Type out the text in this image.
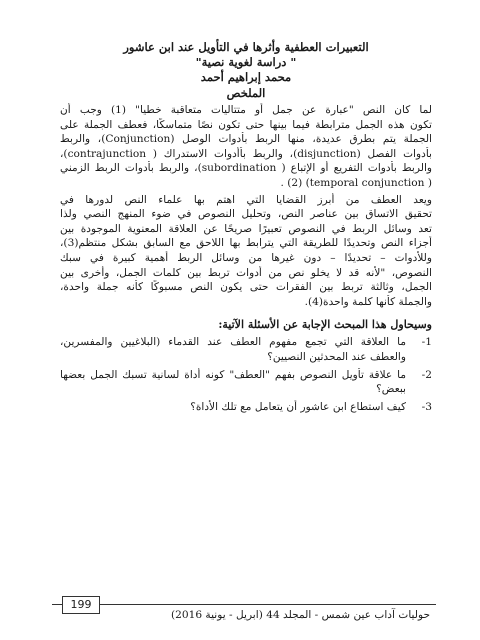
التعبيرات العطفية وأثرها في التأويل عند ابن عاشور
" دراسة لغوية نصية"
محمد إبراهيم أحمد
الملخص
لما كان النص "عبارة عن جمل أو متتاليات متعاقبة خطيا" (1) وجب أن
تكون هذه الجمل مترابطة فيما بينها حتى تكون نصًا متماسكًا، فعطف الجملة على
الجملة يتم بطرق عديدة، منها الربط بأدوات الوصل (Conjunction)، والربط
بأدوات الفصل (disjunction)، والربط بأأدوات الاستدراك ( contrajunction)،
والربط بأدوات التفريع أو الإتباع ( subordination)، والربط بأدوات الربط الزمني
( temporal conjunction) (2) .
ويعد العطف من أبرز القضايا التي اهتم بها علماء النص لدورها في
تحقيق الاتساق بين عناصر النص، وتحليل النصوص في ضوء المنهج النصي ولذا
تعد وسائل الربط في النصوص تعبيرًا صريحًا عن العلاقة المعنوية الموجودة بين
أجزاء النص وتحديدًا للطريقة التي يترابط بها اللاحق مع السابق بشكل منتظم(3)،
وللأدوات – تحديدًا – دون غيرها من وسائل الربط أهمية كبيرة في سبك
النصوص، "لأنه قد لا يخلو نص من أدوات تربط بين كلمات الجمل، وأخرى بين
الجمل، وثالثة تربط بين الفقرات حتى يكون النص مسبوكًا كأنه جملة واحدة،
والجملة كأنها كلمة واحدة(4).
وسيحاول هذا المبحث الإجابة عن الأسئلة الآتية:
1-
ما العلاقة التي تجمع مفهوم العطف عند القدماء (البلاغيين والمفسرين،
والعطف عند المحدثين النصيين؟
2-
ما علاقة تأويل النصوص بفهم "العطف" كونه أداة لسانية تسبك الجمل بعضها
ببعض؟
3-
كيف استطاع ابن عاشور أن يتعامل مع تلك الأداة؟
199
حوليات آداب عين شمس - المجلد 44 (ابريل - يونية 2016)
